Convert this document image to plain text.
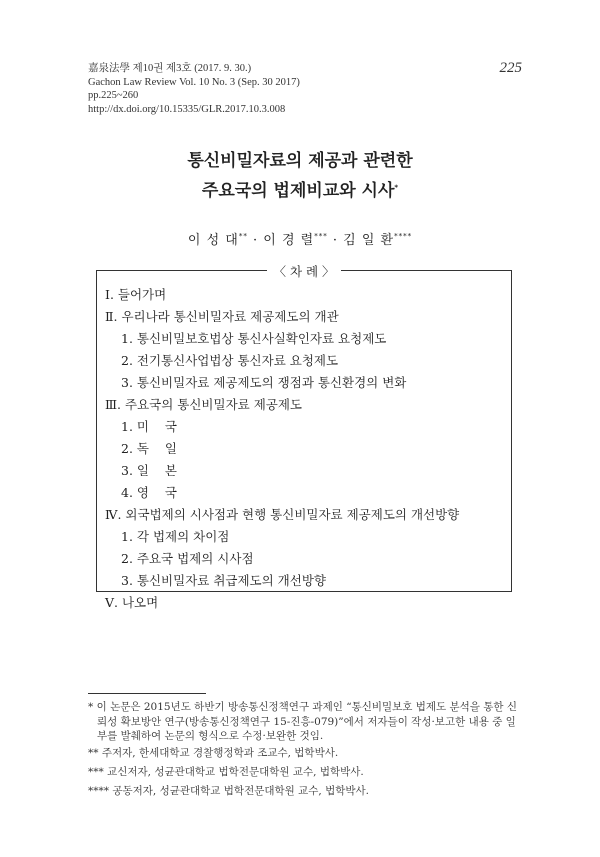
嘉泉法學 제10권 제3호 (2017. 9. 30.)
Gachon Law Review Vol. 10 No. 3 (Sep. 30 2017)
pp.225~260
http://dx.doi.org/10.15335/GLR.2017.10.3.008
225
통신비밀자료의 제공과 관련한
주요국의 법제비교와 시사*
이 성 대** · 이 경 렬*** · 김 일 환****
〈 차 례 〉
Ⅰ. 들어가며
Ⅱ. 우리나라 통신비밀자료 제공제도의 개관
1. 통신비밀보호법상 통신사실확인자료 요청제도
2. 전기통신사업법상 통신자료 요청제도
3. 통신비밀자료 제공제도의 쟁점과 통신환경의 변화
Ⅲ. 주요국의 통신비밀자료 제공제도
1. 미    국
2. 독    일
3. 일    본
4. 영    국
Ⅳ. 외국법제의 시사점과 현행 통신비밀자료 제공제도의 개선방향
1. 각 법제의 차이점
2. 주요국 법제의 시사점
3. 통신비밀자료 취급제도의 개선방향
Ⅴ. 나오며
* 이 논문은 2015년도 하반기 방송통신정책연구 과제인 “통신비밀보호 법제도 분석을 통한 신
뢰성 확보방안 연구(방송통신정책연구 15-진흥-079)”에서 저자들이 작성·보고한 내용 중 일
부를 발췌하여 논문의 형식으로 수정·보완한 것임.
** 주저자, 한세대학교 경찰행정학과 조교수, 법학박사.
*** 교신저자, 성균관대학교 법학전문대학원 교수, 법학박사.
**** 공동저자, 성균관대학교 법학전문대학원 교수, 법학박사.
